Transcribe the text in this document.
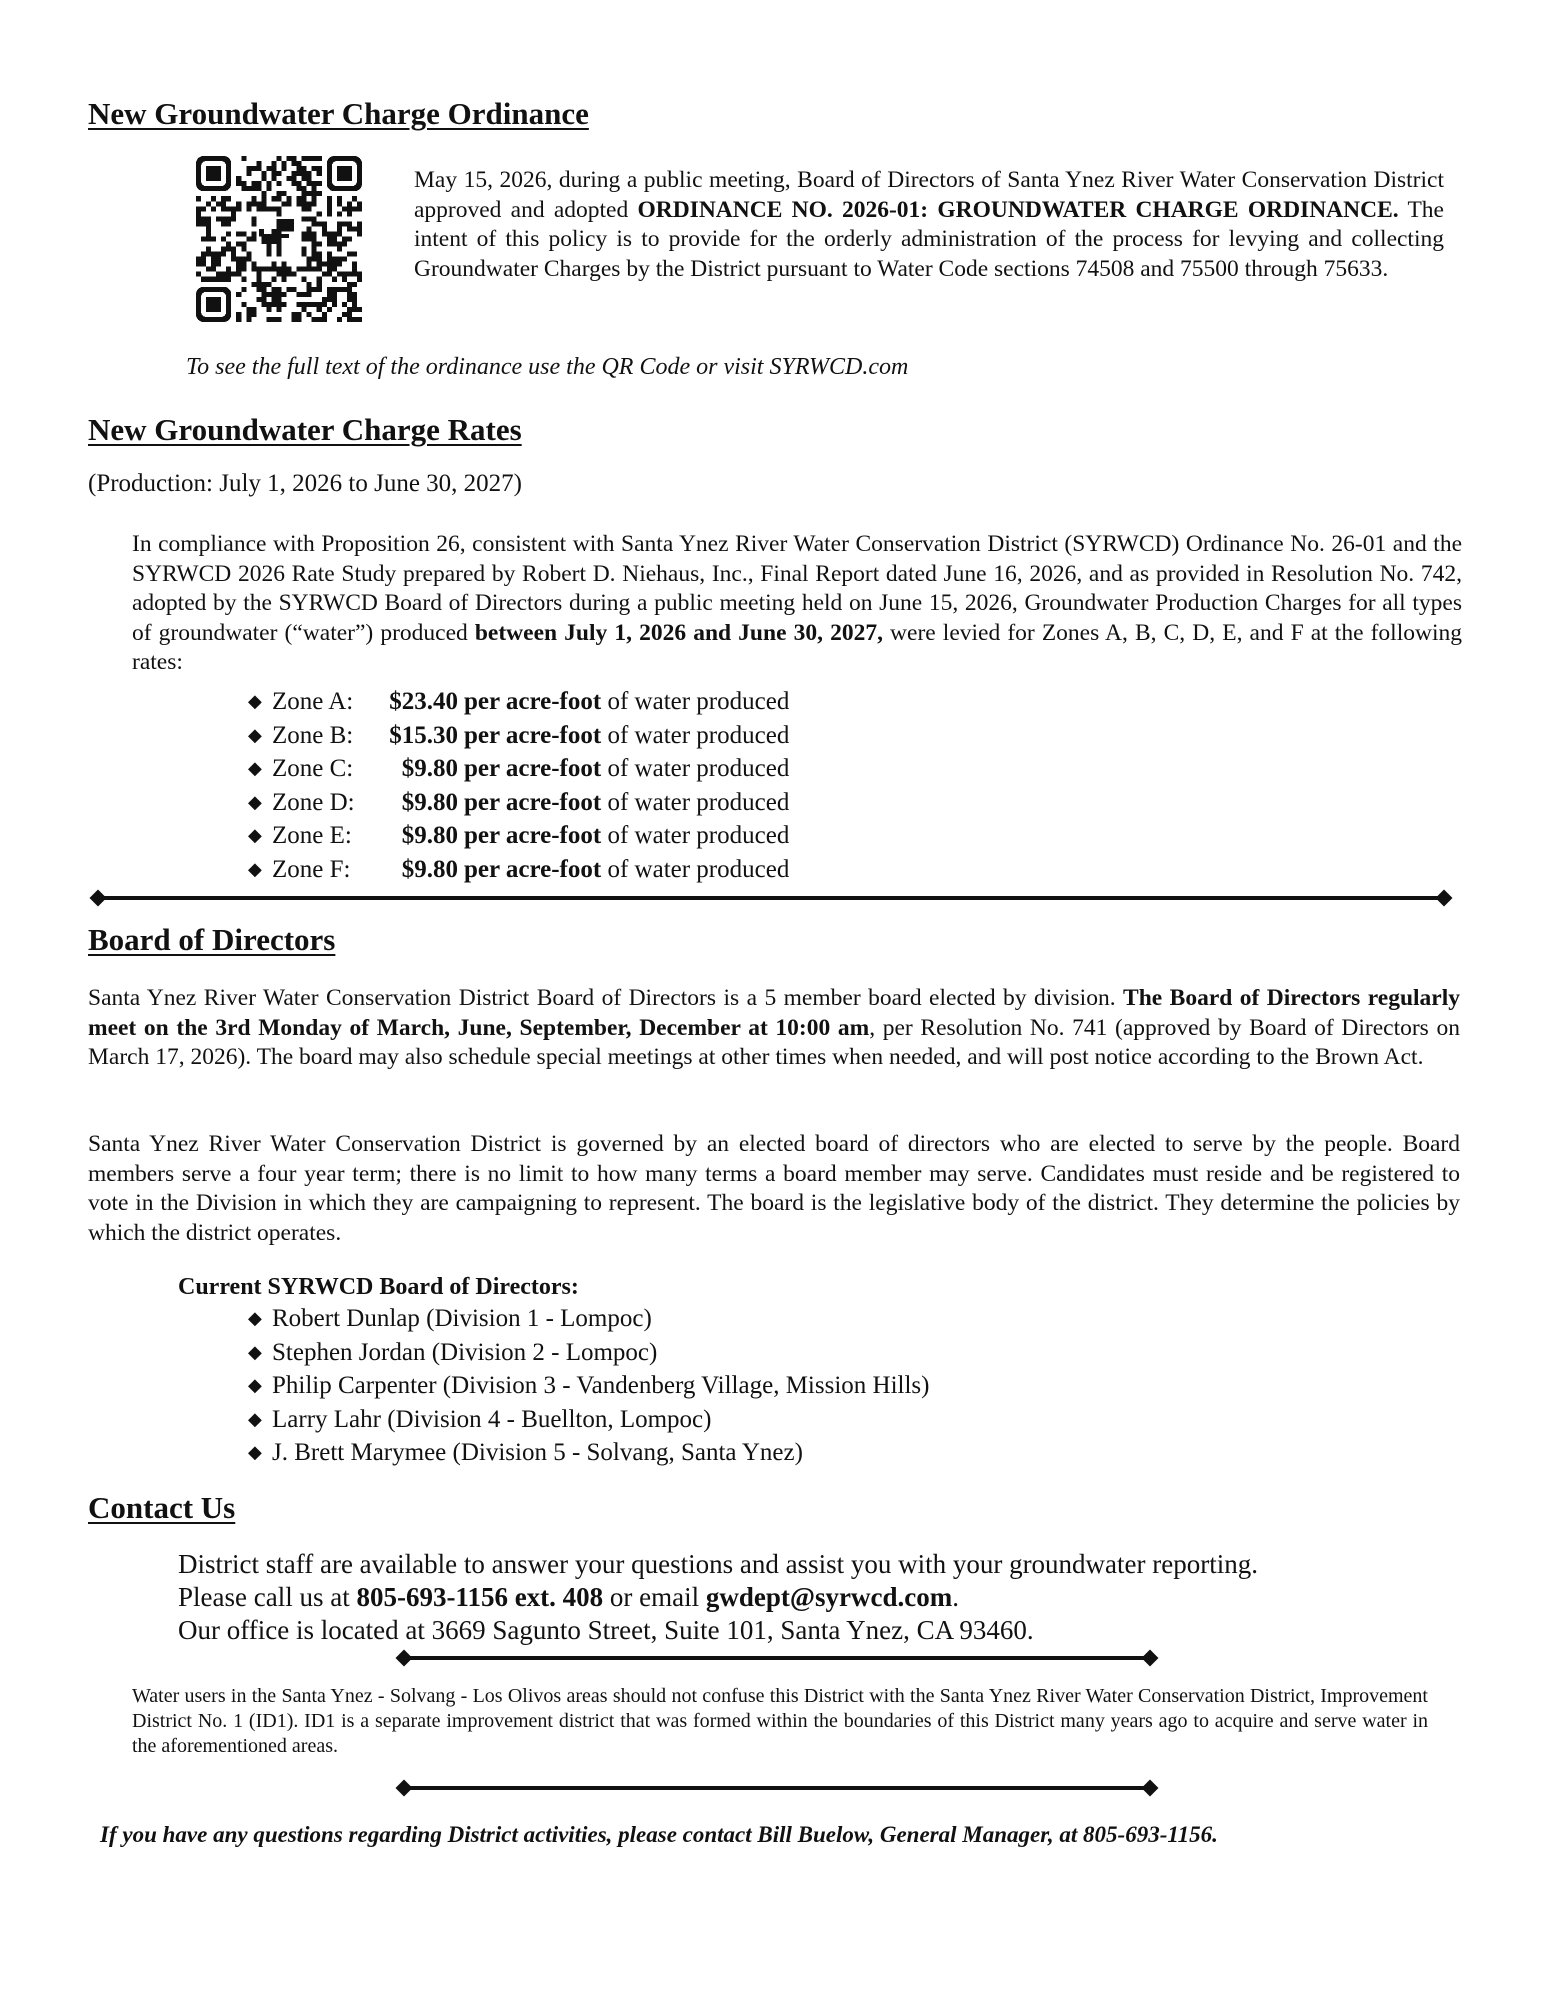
New Groundwater Charge Ordinance
May 15, 2026, during a public meeting, Board of Directors of Santa Ynez River Water Conservation District approved and adopted ORDINANCE NO. 2026-01: GROUNDWATER CHARGE ORDINANCE. The intent of this policy is to provide for the orderly administration of the process for levying and collecting Groundwater Charges by the District pursuant to Water Code sections 74508 and 75500 through 75633.
To see the full text of the ordinance use the QR Code or visit SYRWCD.com
New Groundwater Charge Rates
(Production: July 1, 2026 to June 30, 2027)
In compliance with Proposition 26, consistent with Santa Ynez River Water Conservation District (SYRWCD) Ordinance No. 26-01 and the SYRWCD 2026 Rate Study prepared by Robert D. Niehaus, Inc., Final Report dated June 16, 2026, and as provided in Resolution No. 742, adopted by the SYRWCD Board of Directors during a public meeting held on June 15, 2026, Groundwater Production Charges for all types of groundwater (“water”) produced between July 1, 2026 and June 30, 2027, were levied for Zones A, B, C, D, E, and F at the following rates:
◆ Zone A: $23.40 per acre-foot of water produced
◆ Zone B: $15.30 per acre-foot of water produced
◆ Zone C: $9.80 per acre-foot of water produced
◆ Zone D: $9.80 per acre-foot of water produced
◆ Zone E: $9.80 per acre-foot of water produced
◆ Zone F: $9.80 per acre-foot of water produced
Board of Directors
Santa Ynez River Water Conservation District Board of Directors is a 5 member board elected by division. The Board of Directors regularly meet on the 3rd Monday of March, June, September, December at 10:00 am, per Resolution No. 741 (approved by Board of Directors on March 17, 2026). The board may also schedule special meetings at other times when needed, and will post notice according to the Brown Act.
Santa Ynez River Water Conservation District is governed by an elected board of directors who are elected to serve by the people. Board members serve a four year term; there is no limit to how many terms a board member may serve. Candidates must reside and be registered to vote in the Division in which they are campaigning to represent. The board is the legislative body of the district. They determine the policies by which the district operates.
Current SYRWCD Board of Directors:
◆ Robert Dunlap (Division 1 - Lompoc)
◆ Stephen Jordan (Division 2 - Lompoc)
◆ Philip Carpenter (Division 3 - Vandenberg Village, Mission Hills)
◆ Larry Lahr (Division 4 - Buellton, Lompoc)
◆ J. Brett Marymee (Division 5 - Solvang, Santa Ynez)
Contact Us
District staff are available to answer your questions and assist you with your groundwater reporting.
Please call us at 805-693-1156 ext. 408 or email gwdept@syrwcd.com.
Our office is located at 3669 Sagunto Street, Suite 101, Santa Ynez, CA 93460.
Water users in the Santa Ynez - Solvang - Los Olivos areas should not confuse this District with the Santa Ynez River Water Conservation District, Improvement District No. 1 (ID1). ID1 is a separate improvement district that was formed within the boundaries of this District many years ago to acquire and serve water in the aforementioned areas.
If you have any questions regarding District activities, please contact Bill Buelow, General Manager, at 805-693-1156.
